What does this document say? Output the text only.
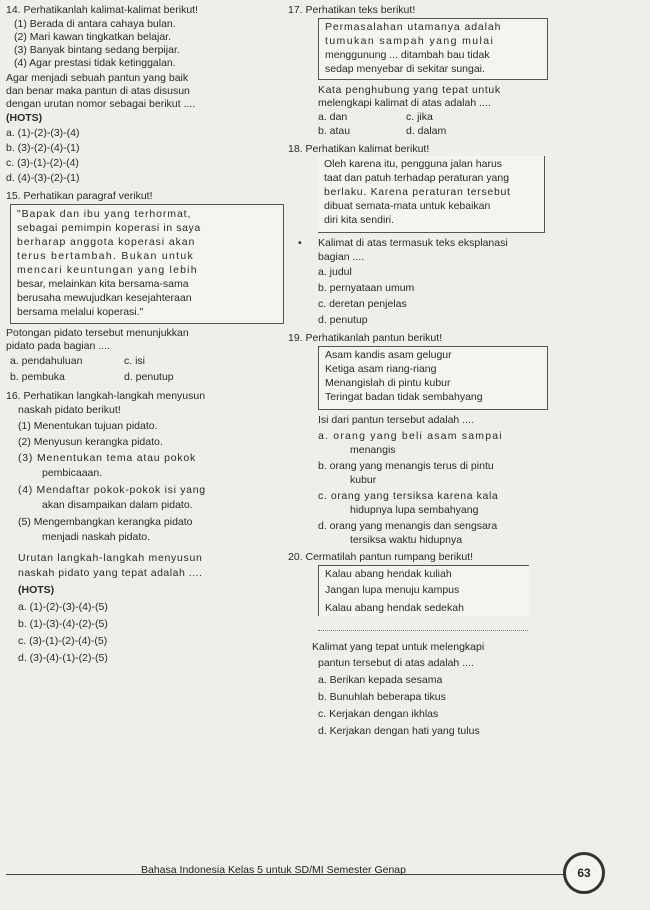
14. Perhatikanlah kalimat-kalimat berikut!
(1) Berada di antara cahaya bulan.
(2) Mari kawan tingkatkan belajar.
(3) Banyak bintang sedang berpijar.
(4) Agar prestasi tidak ketinggalan.
Agar menjadi sebuah pantun yang baik
dan benar maka pantun di atas disusun
dengan urutan nomor sebagai berikut ....
(HOTS)
a. (1)-(2)-(3)-(4)
b. (3)-(2)-(4)-(1)
c. (3)-(1)-(2)-(4)
d. (4)-(3)-(2)-(1)
15. Perhatikan paragraf verikut!
"Bapak dan ibu yang terhormat,
sebagai pemimpin koperasi in saya
berharap anggota koperasi akan
terus bertambah. Bukan untuk
mencari keuntungan yang lebih
besar, melainkan kita bersama-sama
berusaha mewujudkan kesejahteraan
bersama melalui koperasi."
Potongan pidato tersebut menunjukkan
pidato pada bagian ....
a. pendahuluan	c. isi
b. pembuka	d. penutup
16. Perhatikan langkah-langkah menyusun
naskah pidato berikut!
(1) Menentukan tujuan pidato.
(2) Menyusun kerangka pidato.
(3) Menentukan tema atau pokok
pembicaaan.
(4) Mendaftar pokok-pokok isi yang
akan disampaikan dalam pidato.
(5) Mengembangkan kerangka pidato
menjadi naskah pidato.
Urutan langkah-langkah menyusun
naskah pidato yang tepat adalah ....
(HOTS)
a. (1)-(2)-(3)-(4)-(5)
b. (1)-(3)-(4)-(2)-(5)
c. (3)-(1)-(2)-(4)-(5)
d. (3)-(4)-(1)-(2)-(5)
17. Perhatikan teks berikut!
Permasalahan utamanya adalah
tumukan sampah yang mulai
menggunung ... ditambah bau tidak
sedap menyebar di sekitar sungai.
Kata penghubung yang tepat untuk
melengkapi kalimat di atas adalah ....
a. dan	c. jika
b. atau	d. dalam
18. Perhatikan kalimat berikut!
Oleh karena itu, pengguna jalan harus
taat dan patuh terhadap peraturan yang
berlaku. Karena peraturan tersebut
dibuat semata-mata untuk kebaikan
diri kita sendiri.
• Kalimat di atas termasuk teks eksplanasi
bagian ....
a. judul
b. pernyataan umum
c. deretan penjelas
d. penutup
19. Perhatikanlah pantun berikut!
Asam kandis asam gelugur
Ketiga asam riang-riang
Menangislah di pintu kubur
Teringat badan tidak sembahyang
Isi dari pantun tersebut adalah ....
a. orang yang beli asam sampai
menangis
b. orang yang menangis terus di pintu
kubur
c. orang yang tersiksa karena kala
hidupnya lupa sembahyang
d. orang yang menangis dan sengsara
tersiksa waktu hidupnya
20. Cermatilah pantun rumpang berikut!
Kalau abang hendak kuliah
Jangan lupa menuju kampus
Kalau abang hendak sedekah
Kalimat yang tepat untuk melengkapi
pantun tersebut di atas adalah ....
a. Berikan kepada sesama
b. Bunuhlah beberapa tikus
c. Kerjakan dengan ikhlas
d. Kerjakan dengan hati yang tulus
Bahasa Indonesia Kelas 5 untuk SD/MI Semester Genap	63
